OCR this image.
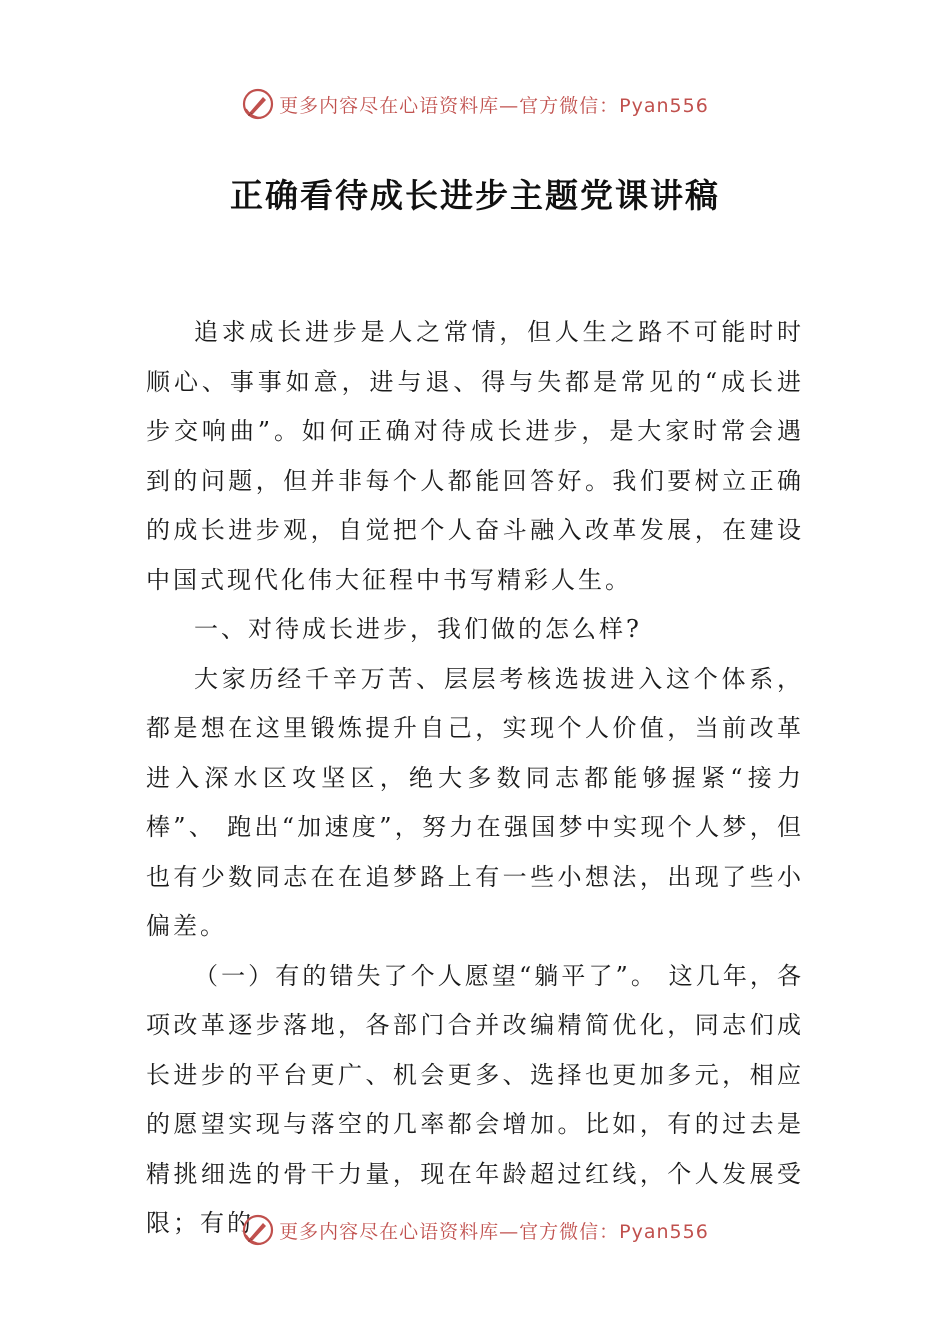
更多内容尽在心语资料库—官方微信：Pyan556
正确看待成长进步主题党课讲稿

追求成长进步是人之常情，但人生之路不可能时时顺心、事事如意，进与退、得与失都是常见的“成长进步交响曲”。如何正确对待成长进步，是大家时常会遇到的问题，但并非每个人都能回答好。我们要树立正确的成长进步观，自觉把个人奋斗融入改革发展，在建设中国式现代化伟大征程中书写精彩人生。

一、对待成长进步，我们做的怎么样?

大家历经千辛万苦、层层考核选拔进入这个体系，都是想在这里锻炼提升自己，实现个人价值，当前改革进入深水区攻坚区，绝大多数同志都能够握紧“接力棒”、 跑出“加速度”，努力在强国梦中实现个人梦，但也有少数同志在在追梦路上有一些小想法，出现了些小偏差。

（一）有的错失了个人愿望“躺平了”。 这几年，各项改革逐步落地，各部门合并改编精简优化，同志们成长进步的平台更广、机会更多、选择也更加多元，相应的愿望实现与落空的几率都会增加。比如，有的过去是精挑细选的骨干力量，现在年龄超过红线，个人发展受限；有的	更多内容尽在心语资料库—官方微信：Pyan556
